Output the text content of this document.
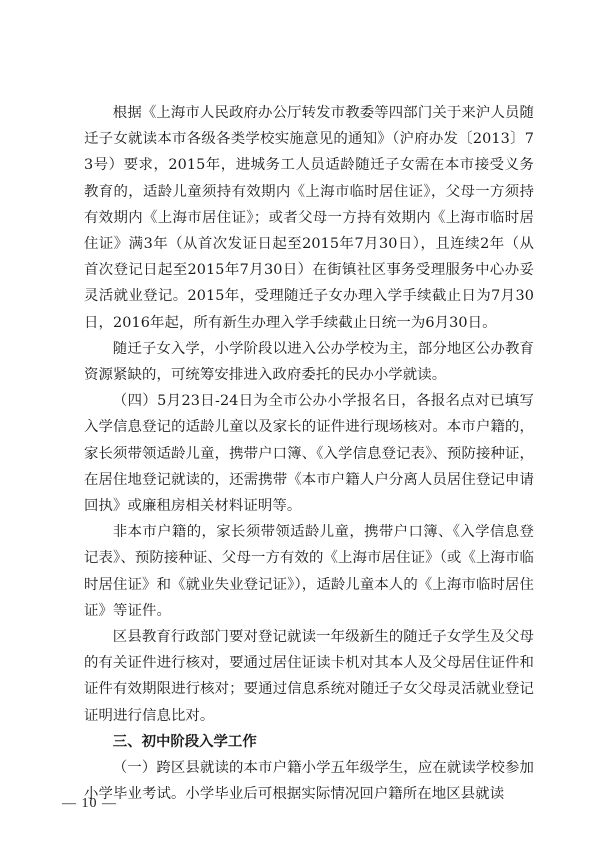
根据《上海市人民政府办公厅转发市教委等四部门关于来沪人员随迁子女就读本市各级各类学校实施意见的通知》（沪府办发〔2013〕73号）要求，2015年，进城务工人员适龄随迁子女需在本市接受义务教育的，适龄儿童须持有效期内《上海市临时居住证》，父母一方须持有效期内《上海市居住证》；或者父母一方持有效期内《上海市临时居住证》满3年（从首次发证日起至2015年7月30日），且连续2年（从首次登记日起至2015年7月30日）在街镇社区事务受理服务中心办妥灵活就业登记。2015年，受理随迁子女办理入学手续截止日为7月30日，2016年起，所有新生办理入学手续截止日统一为6月30日。

随迁子女入学，小学阶段以进入公办学校为主，部分地区公办教育资源紧缺的，可统筹安排进入政府委托的民办小学就读。

（四）5月23日-24日为全市公办小学报名日，各报名点对已填写入学信息登记的适龄儿童以及家长的证件进行现场核对。本市户籍的，家长须带领适龄儿童，携带户口簿、《入学信息登记表》、预防接种证，在居住地登记就读的，还需携带《本市户籍人户分离人员居住登记申请回执》或廉租房相关材料证明等。

非本市户籍的，家长须带领适龄儿童，携带户口簿、《入学信息登记表》、预防接种证、父母一方有效的《上海市居住证》（或《上海市临时居住证》和《就业失业登记证》），适龄儿童本人的《上海市临时居住证》等证件。

区县教育行政部门要对登记就读一年级新生的随迁子女学生及父母的有关证件进行核对，要通过居住证读卡机对其本人及父母居住证件和证件有效期限进行核对；要通过信息系统对随迁子女父母灵活就业登记证明进行信息比对。

三、初中阶段入学工作

（一）跨区县就读的本市户籍小学五年级学生，应在就读学校参加小学毕业考试。小学毕业后可根据实际情况回户籍所在地区县就读

— 10 —
